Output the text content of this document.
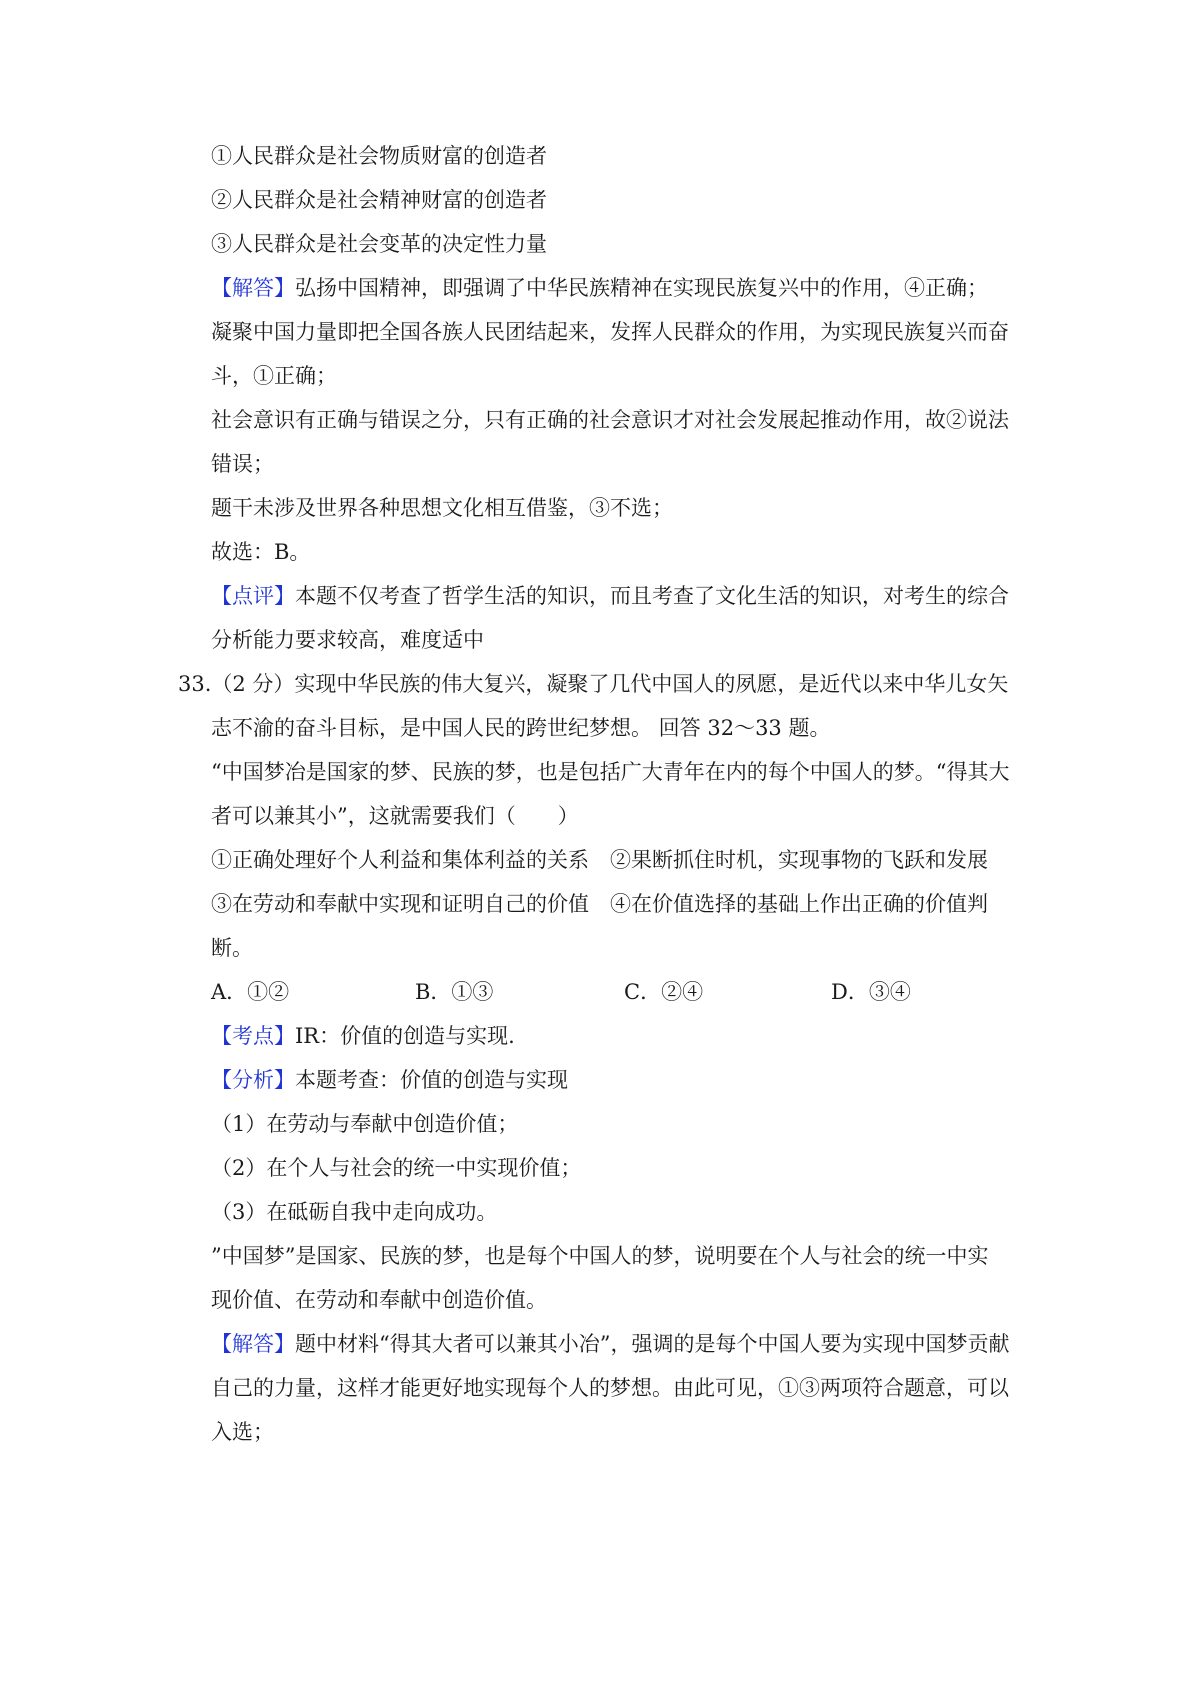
①人民群众是社会物质财富的创造者
②人民群众是社会精神财富的创造者
③人民群众是社会变革的决定性力量
【解答】弘扬中国精神，即强调了中华民族精神在实现民族复兴中的作用，④正确；
凝聚中国力量即把全国各族人民团结起来，发挥人民群众的作用，为实现民族复兴而奋
斗，①正确；
社会意识有正确与错误之分，只有正确的社会意识才对社会发展起推动作用，故②说法
错误；
题干未涉及世界各种思想文化相互借鉴，③不选；
故选：B。
【点评】本题不仅考查了哲学生活的知识，而且考查了文化生活的知识，对考生的综合
分析能力要求较高，难度适中
33.（2 分）实现中华民族的伟大复兴，凝聚了几代中国人的夙愿，是近代以来中华儿女矢
志不渝的奋斗目标，是中国人民的跨世纪梦想。 回答 32～33 题。
“中国梦冶是国家的梦、民族的梦，也是包括广大青年在内的每个中国人的梦。“得其大
者可以兼其小”，这就需要我们（　　）
①正确处理好个人利益和集体利益的关系　②果断抓住时机，实现事物的飞跃和发展
③在劳动和奉献中实现和证明自己的价值　④在价值选择的基础上作出正确的价值判
断。
A．①②	B．①③	C．②④	D．③④
【考点】IR：价值的创造与实现.
【分析】本题考查：价值的创造与实现
（1）在劳动与奉献中创造价值；
（2）在个人与社会的统一中实现价值；
（3）在砥砺自我中走向成功。
”中国梦”是国家、民族的梦，也是每个中国人的梦，说明要在个人与社会的统一中实
现价值、在劳动和奉献中创造价值。
【解答】题中材料“得其大者可以兼其小冶”，强调的是每个中国人要为实现中国梦贡献
自己的力量，这样才能更好地实现每个人的梦想。由此可见，①③两项符合题意，可以
入选；
